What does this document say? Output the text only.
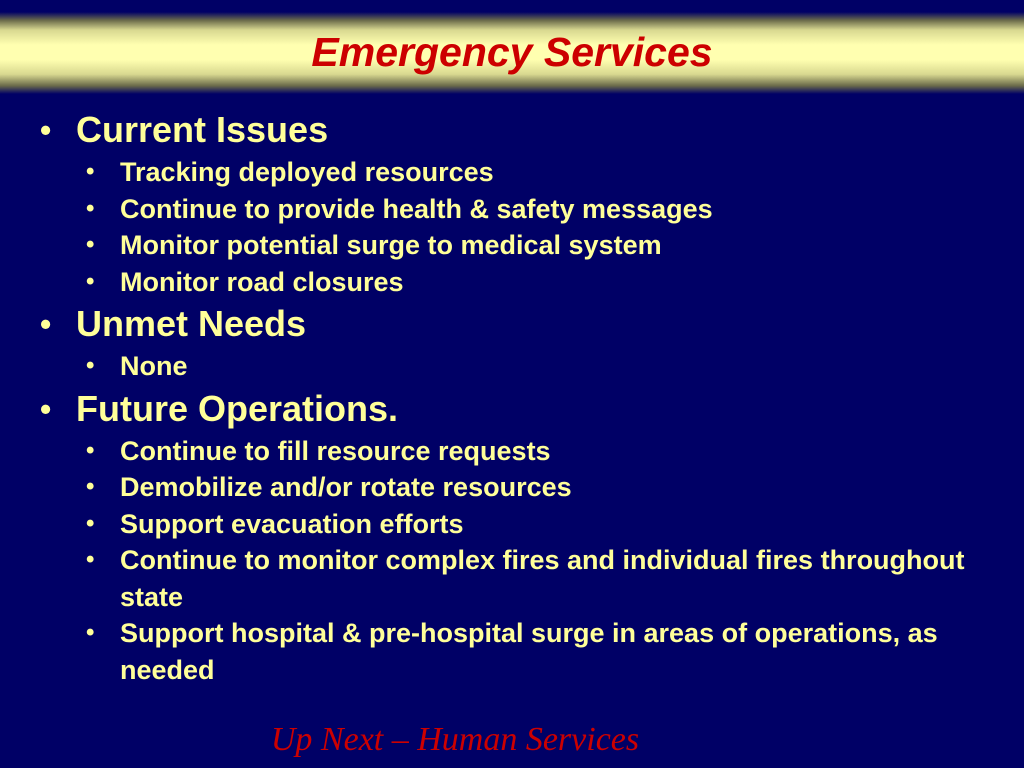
Emergency Services

• Current Issues

• Tracking deployed resources

• Continue to provide health & safety messages

• Monitor potential surge to medical system

• Monitor road closures

• Unmet Needs

• None

• Future Operations.

• Continue to fill resource requests

• Demobilize and/or rotate resources

• Support evacuation efforts

• Continue to monitor complex fires and individual fires throughout state

• Support hospital & pre-hospital surge in areas of operations, as needed

Up Next – Human Services
